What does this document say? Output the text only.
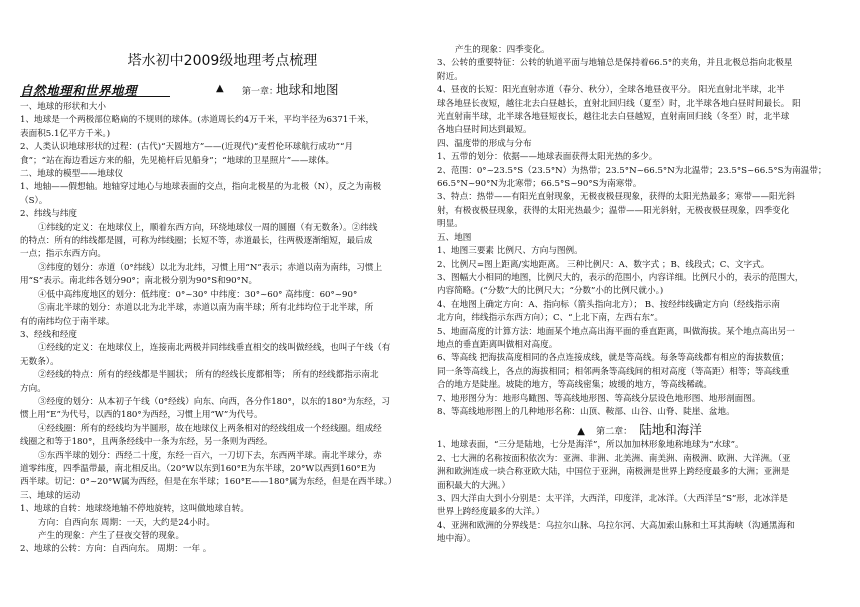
塔水初中2009级地理考点梳理
自然地理和世界地理	▲ 第一章：
地球和地图
一、地球的形状和大小
1、地球是一个两极部位略扁的不规则的球体。(赤道周长约4万千米，平均半径为6371千米，
表面积5.1亿平方千米。)
2、人类认识地球形状的过程：(古代)“天圆地方”——(近现代)“麦哲伦环球航行成功”“月
食”；“站在海边看远方来的船，先见桅杆后见船身”；“地球的卫星照片”——球体。
二、地球的模型——地球仪
1、地轴——假想轴。地轴穿过地心与地球表面的交点，指向北极星的为北极（N），反之为南极
（S）。
2、纬线与纬度
①纬线的定义：在地球仪上，顺着东西方向，环绕地球仪一周的圆圈（有无数条）。②纬线
的特点：所有的纬线都是圆，可称为纬线圈；长短不等，赤道最长，往两极逐渐缩短，最后成
一点；指示东西方向。
③纬度的划分：赤道（0°纬线）以北为北纬，习惯上用“N”表示；赤道以南为南纬，习惯上
用“S”表示。南北纬各划分90°；南北极分别为90°S和90°N。
④低中高纬度地区的划分：低纬度：0°~30° 中纬度：30°~60° 高纬度：60°~90°
⑤南北半球的划分：赤道以北为北半球，赤道以南为南半球；所有北纬均位于北半球，所
有的南纬均位于南半球。
3、经线和经度
①经线的定义：在地球仪上，连接南北两极并同纬线垂直相交的线叫做经线，也叫子午线（有
无数条）。
②经线的特点：所有的经线都是半圆状； 所有的经线长度都相等； 所有的经线都指示南北
方向。
③经度的划分：从本初子午线（0°经线）向东、向西，各分作180°，以东的180°为东经，习
惯上用“E”为代号，以西的180°为西经，习惯上用“W”为代号。
④经线圈：所有的经线均为半圆形，故在地球仪上两条相对的经线组成一个经线圈。组成经
线圈之和等于180°，且两条经线中一条为东经，另一条则为西经。
⑤东西半球的划分：西经二十度，东经一百六，一刀切下去，东西两半球。南北半球分，赤
道零纬度，四季温带最，南北相反出。（20°W以东到160°E为东半球，20°W以西到160°E为
西半球。切记：0°~20°W属为西经，但是在东半球；160°E——180°属为东经，但是在西半球。）
三、地球的运动
1、地球的自转：地球绕地轴不停地旋转，这叫做地球自转。
方向：自西向东 周期：一天，大约是24小时。
产生的现象：产生了昼夜交替的现象。
2、地球的公转：方向：自西向东。 周期：一年 。
产生的现象：四季变化。
3、公转的重要特征：公转的轨道平面与地轴总是保持着66.5°的夹角，并且北极总指向北极星
附近。
4、昼夜的长短：阳光直射赤道（春分、秋分），全球各地昼夜平分。 阳光直射北半球，北半
球各地昼长夜短，越往北去白昼越长，直射北回归线（夏至）时，北半球各地白昼时间最长。 阳
光直射南半球，北半球各地昼短夜长，越往北去白昼越短，直射南回归线（冬至）时，北半球
各地白昼时间达到最短。
四、温度带的形成与分布
1、五带的划分：依据——地球表面获得太阳光热的多少。
2、范围：0°~23.5°S（23.5°N）为热带；23.5°N~66.5°N为北温带；23.5°S~66.5°S为南温带；
66.5°N~90°N为北寒带；66.5°S~90°S为南寒带。
3、特点：热带——有阳光直射现象，无极夜极昼现象，获得的太阳光热最多；寒带——阳光斜
射，有极夜极昼现象，获得的太阳光热最少；温带——阳光斜射，无极夜极昼现象，四季变化
明显。
五、地图
1、地图三要素 比例尺、方向与图例。
2、比例尺=图上距离/实地距离。 三种比例尺：A、数字式 ；B、线段式；C、文字式。
3、图幅大小相同的地图，比例尺大的，表示的范围小，内容详细。比例尺小的，表示的范围大，
内容简略。(“分数”大的比例尺大；“分数”小的比例尺就小。)
4、在地图上确定方向：A、指向标（箭头指向北方）； B、按经纬线确定方向（经线指示南
北方向，纬线指示东西方向）；C、“上北下南，左西右东”。
5、地面高度的计算方法：地面某个地点高出海平面的垂直距离，叫做海拔。某个地点高出另一
地点的垂直距离叫做相对高度。
6、等高线 把海拔高度相同的各点连接成线，就是等高线。每条等高线都有相应的海拔数值；
同一条等高线上，各点的海拔相同；相邻两条等高线间的相对高度（等高距）相等；等高线重
合的地方是陡崖。坡陡的地方，等高线密集；坡缓的地方，等高线稀疏。
7、地形图分为：地形鸟瞰图、等高线地形图、等高线分层设色地形图、地形剖面图。
8、等高线地形图上的几种地形名称：山顶、鞍部、山谷、山脊、陡崖、盆地。
▲ 第二章： 陆地和海洋
1、地球表面，“三分是陆地，七分是海洋”，所以加加林形象地称地球为“水球”。
2、七大洲的名称按面积依次为：亚洲、非洲、北美洲、南美洲、南极洲、欧洲、大洋洲。（亚
洲和欧洲连成一块合称亚欧大陆，中国位于亚洲，南极洲是世界上跨经度最多的大洲；亚洲是
面积最大的大洲。）
3、四大洋由大到小分别是：太平洋，大西洋，印度洋，北冰洋。（大西洋呈“S”形，北冰洋是
世界上跨经度最多的大洋。）
4、亚洲和欧洲的分界线是：乌拉尔山脉、乌拉尔河、大高加索山脉和土耳其海峡（沟通黑海和
地中海）。
